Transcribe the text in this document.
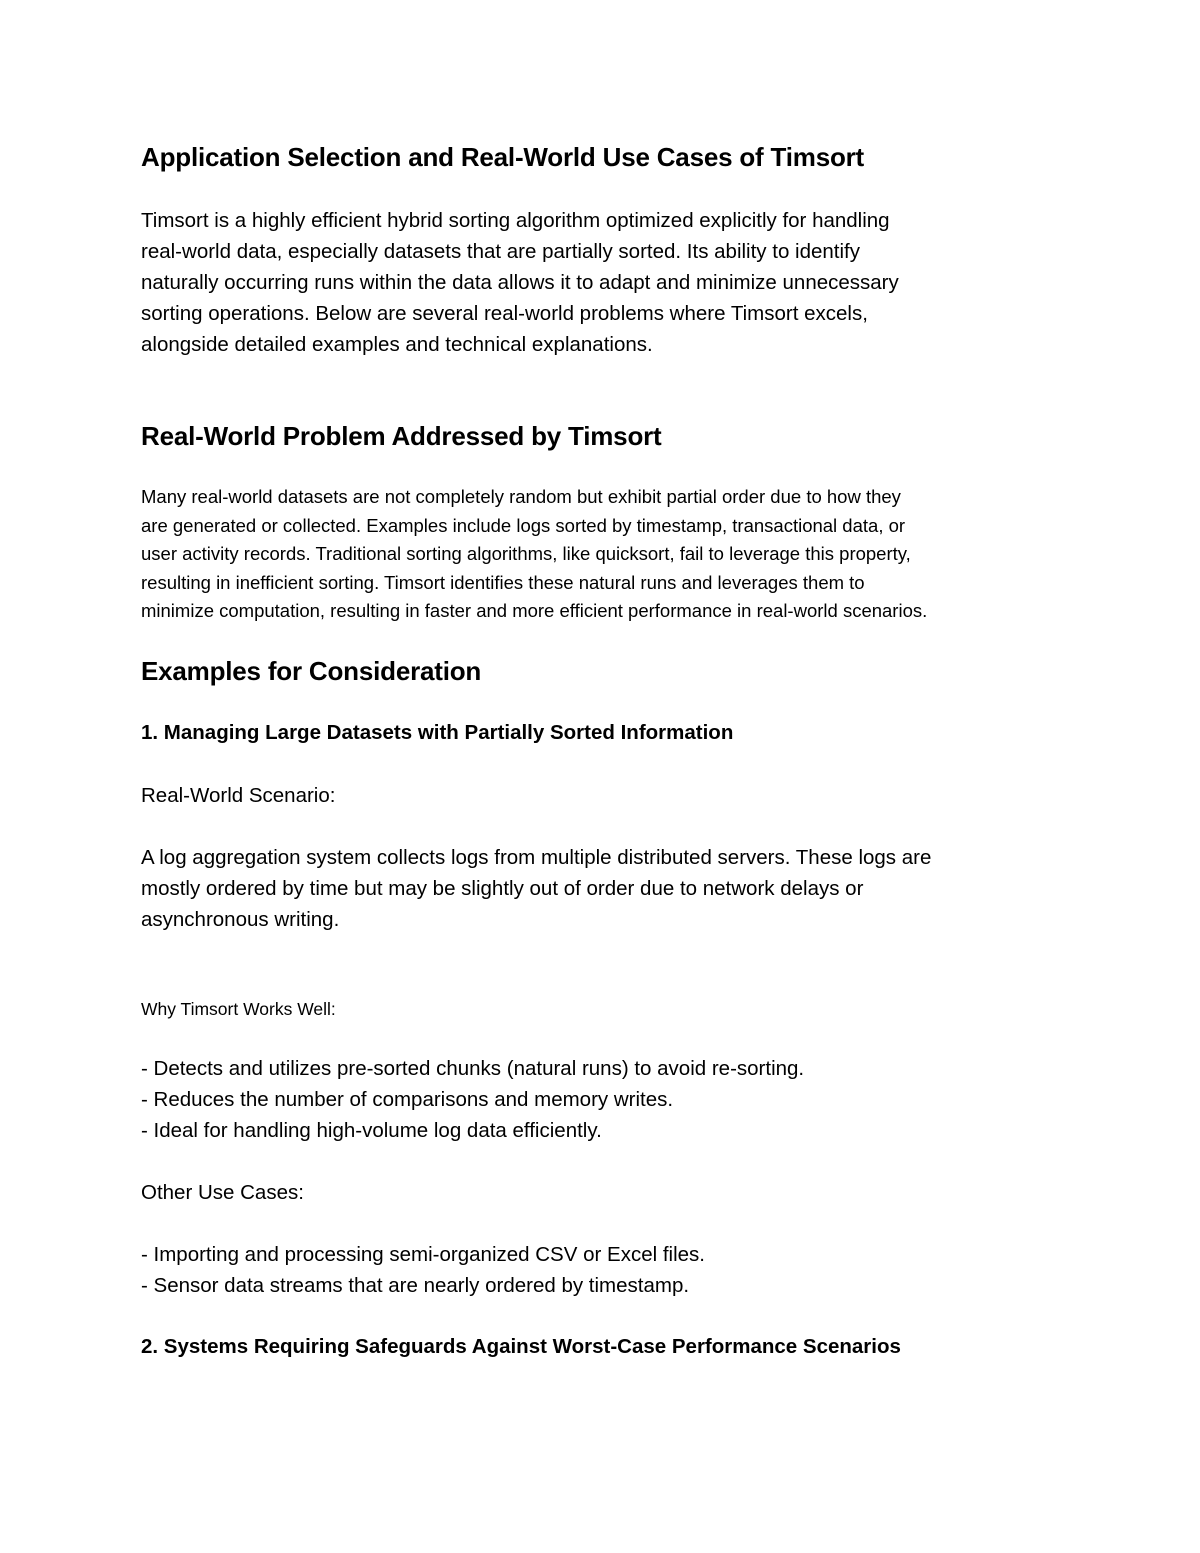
Application Selection and Real-World Use Cases of Timsort
Timsort is a highly efficient hybrid sorting algorithm optimized explicitly for handling
real-world data, especially datasets that are partially sorted. Its ability to identify
naturally occurring runs within the data allows it to adapt and minimize unnecessary
sorting operations. Below are several real-world problems where Timsort excels,
alongside detailed examples and technical explanations.
Real-World Problem Addressed by Timsort
Many real-world datasets are not completely random but exhibit partial order due to how they
are generated or collected. Examples include logs sorted by timestamp, transactional data, or
user activity records. Traditional sorting algorithms, like quicksort, fail to leverage this property,
resulting in inefficient sorting. Timsort identifies these natural runs and leverages them to
minimize computation, resulting in faster and more efficient performance in real-world scenarios.
Examples for Consideration
1. Managing Large Datasets with Partially Sorted Information

Real-World Scenario:

A log aggregation system collects logs from multiple distributed servers. These logs are
mostly ordered by time but may be slightly out of order due to network delays or
asynchronous writing.

Why Timsort Works Well:

- Detects and utilizes pre-sorted chunks (natural runs) to avoid re-sorting.
- Reduces the number of comparisons and memory writes.
- Ideal for handling high-volume log data efficiently.

Other Use Cases:

- Importing and processing semi-organized CSV or Excel files.
- Sensor data streams that are nearly ordered by timestamp.
2. Systems Requiring Safeguards Against Worst-Case Performance Scenarios
